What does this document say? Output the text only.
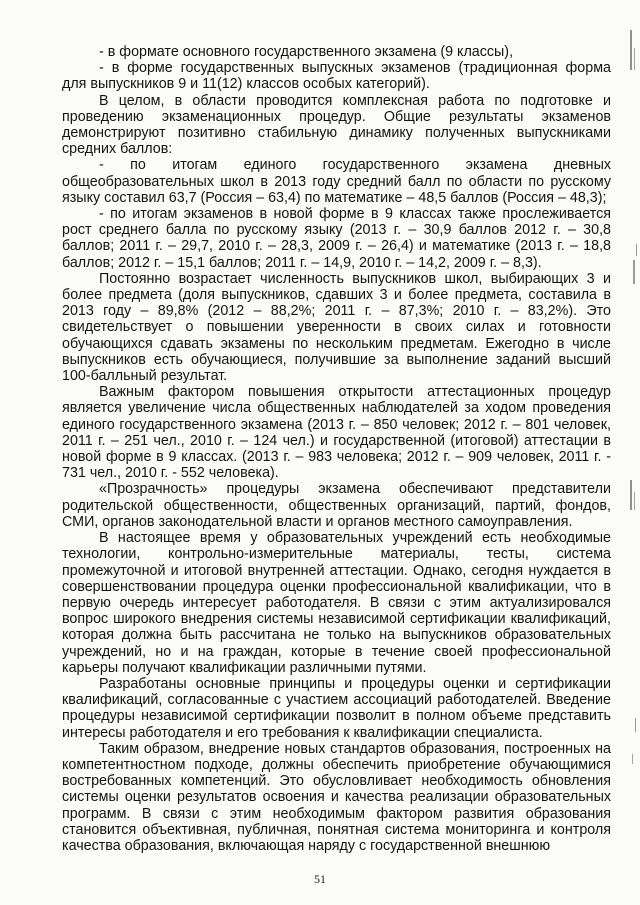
- в формате основного государственного экзамена (9 классы),

- в форме государственных выпускных экзаменов (традиционная форма для выпускников 9 и 11(12) классов особых категорий).

В целом, в области проводится комплексная работа по подготовке и проведению экзаменационных процедур. Общие результаты экзаменов демонстрируют позитивно стабильную динамику полученных выпускниками средних баллов:

- по итогам единого государственного экзамена дневных общеобразовательных школ в 2013 году средний балл по области по русскому языку составил 63,7 (Россия – 63,4) по математике – 48,5 баллов (Россия – 48,3);

- по итогам экзаменов в новой форме в 9 классах также прослеживается рост среднего балла по русскому языку (2013 г. – 30,9 баллов 2012 г. – 30,8 баллов; 2011 г. – 29,7, 2010 г. – 28,3, 2009 г. – 26,4) и математике (2013 г. – 18,8 баллов; 2012 г. – 15,1 баллов; 2011 г. – 14,9, 2010 г. – 14,2, 2009 г. – 8,3).

Постоянно возрастает численность выпускников школ, выбирающих 3 и более предмета (доля выпускников, сдавших 3 и более предмета, составила в 2013 году – 89,8% (2012 – 88,2%; 2011 г. – 87,3%; 2010 г. – 83,2%). Это свидетельствует о повышении уверенности в своих силах и готовности обучающихся сдавать экзамены по нескольким предметам. Ежегодно в числе выпускников есть обучающиеся, получившие за выполнение заданий высший 100-балльный результат.

Важным фактором повышения открытости аттестационных процедур является увеличение числа общественных наблюдателей за ходом проведения единого государственного экзамена (2013 г. – 850 человек; 2012 г. – 801 человек, 2011 г. – 251 чел., 2010 г. – 124 чел.) и государственной (итоговой) аттестации в новой форме в 9 классах. (2013 г. – 983 человека; 2012 г. – 909 человек, 2011 г. - 731 чел., 2010 г. - 552 человека).

«Прозрачность» процедуры экзамена обеспечивают представители родительской общественности, общественных организаций, партий, фондов, СМИ, органов законодательной власти и органов местного самоуправления.

В настоящее время у образовательных учреждений есть необходимые технологии, контрольно-измерительные материалы, тесты, система промежуточной и итоговой внутренней аттестации. Однако, сегодня нуждается в совершенствовании процедура оценки профессиональной квалификации, что в первую очередь интересует работодателя. В связи с этим актуализировался вопрос широкого внедрения системы независимой сертификации квалификаций, которая должна быть рассчитана не только на выпускников образовательных учреждений, но и на граждан, которые в течение своей профессиональной карьеры получают квалификации различными путями.

Разработаны основные принципы и процедуры оценки и сертификации квалификаций, согласованные с участием ассоциаций работодателей. Введение процедуры независимой сертификации позволит в полном объеме представить интересы работодателя и его требования к квалификации специалиста.

Таким образом, внедрение новых стандартов образования, построенных на компетентностном подходе, должны обеспечить приобретение обучающимися востребованных компетенций. Это обусловливает необходимость обновления системы оценки результатов освоения и качества реализации образовательных программ. В связи с этим необходимым фактором развития образования становится объективная, публичная, понятная система мониторинга и контроля качества образования, включающая наряду с государственной внешнюю

51
